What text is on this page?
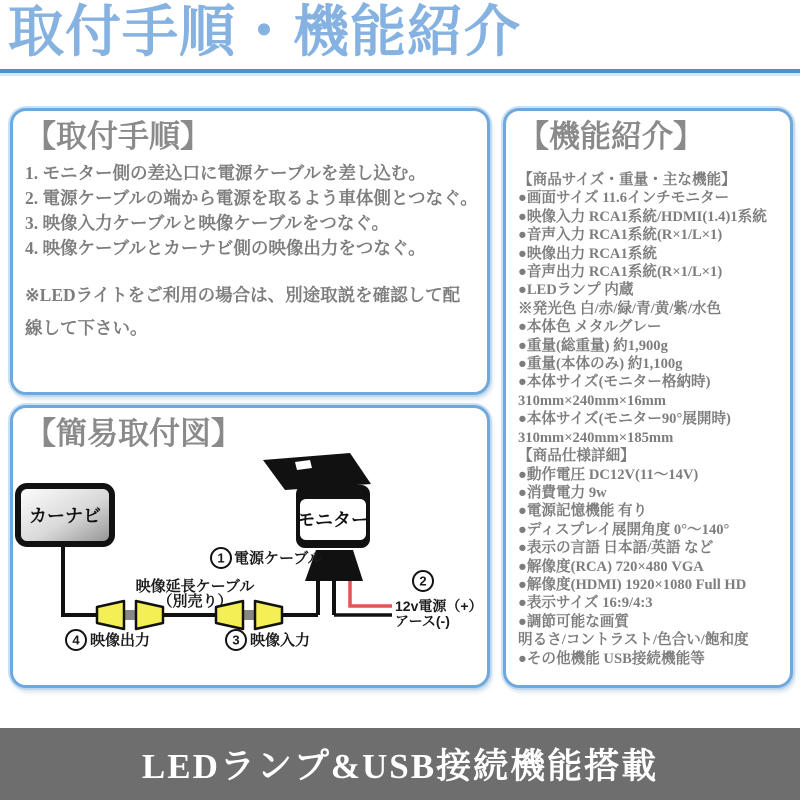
取付手順・機能紹介
【取付手順】
1. モニター側の差込口に電源ケーブルを差し込む。
2. 電源ケーブルの端から電源を取るよう車体側とつなぐ。
3. 映像入力ケーブルと映像ケーブルをつなぐ。
4. 映像ケーブルとカーナビ側の映像出力をつなぐ。

※LEDライトをご利用の場合は、別途取説を確認して配線して下さい。

【簡易取付図】
カーナビ	モニター
映像延長ケーブル
（別売り）
1 電源ケーブル
2
12v電源（+）
アース(-)
3 映像入力
4 映像出力
【機能紹介】
【商品サイズ・重量・主な機能】
●画面サイズ 11.6インチモニター
●映像入力 RCA1系統/HDMI(1.4)1系統
●音声入力 RCA1系統(R×1/L×1)
●映像出力 RCA1系統
●音声出力 RCA1系統(R×1/L×1)
●LEDランプ 内蔵
※発光色 白/赤/緑/青/黄/紫/水色
●本体色 メタルグレー
●重量(総重量) 約1,900g
●重量(本体のみ) 約1,100g
●本体サイズ(モニター格納時)
310mm×240mm×16mm
●本体サイズ(モニター90°展開時)
310mm×240mm×185mm
【商品仕様詳細】
●動作電圧 DC12V(11～14V)
●消費電力 9w
●電源記憶機能 有り
●ディスプレイ展開角度 0°～140°
●表示の言語 日本語/英語 など
●解像度(RCA) 720×480 VGA
●解像度(HDMI) 1920×1080 Full HD
●表示サイズ 16:9/4:3
●調節可能な画質
明るさ/コントラスト/色合い/飽和度
●その他機能 USB接続機能等
LEDランプ&USB接続機能搭載
